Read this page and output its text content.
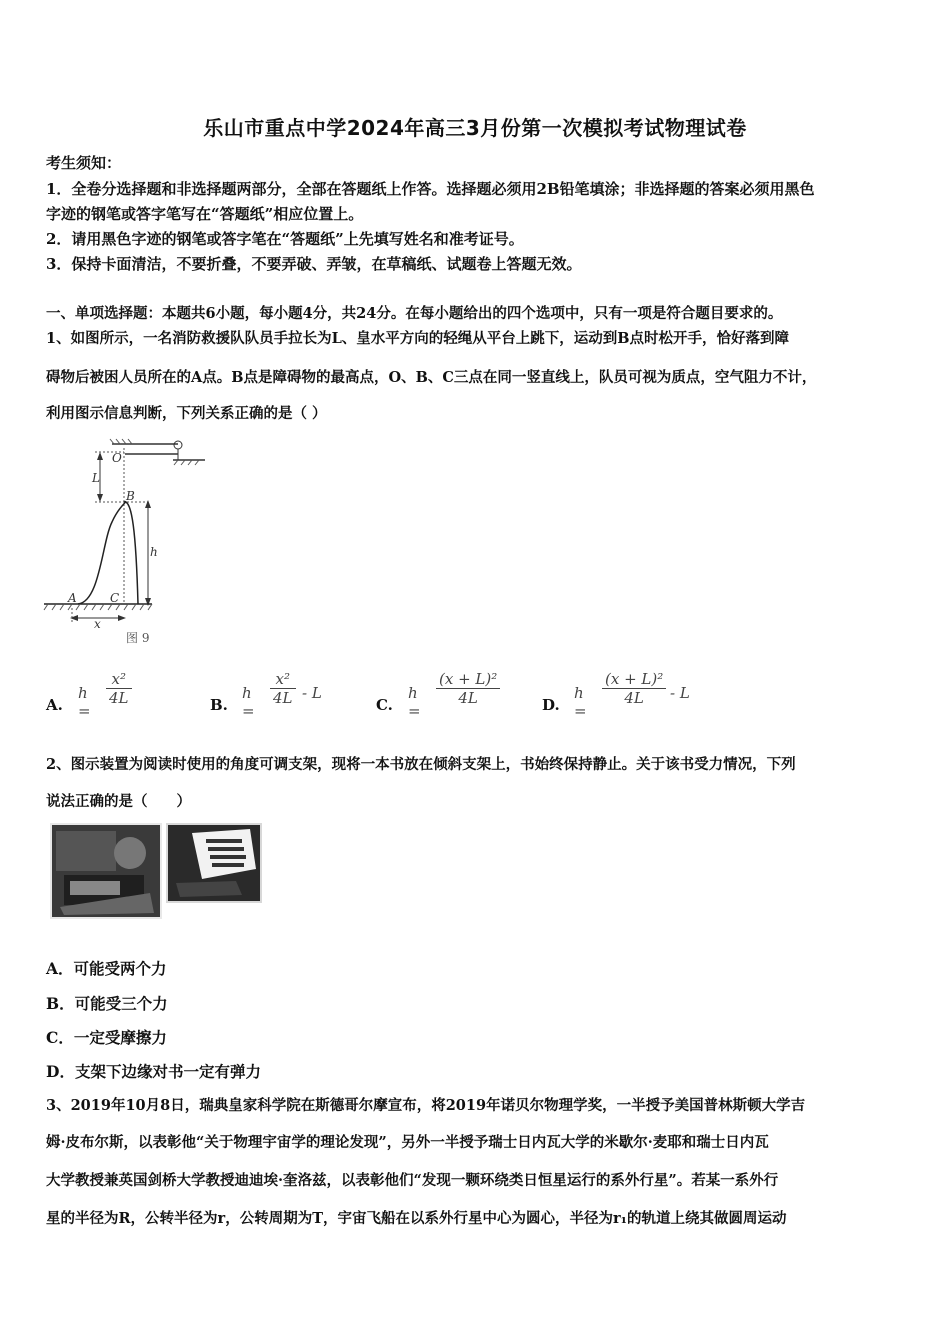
乐山市重点中学2024年高三3月份第一次模拟考试物理试卷
考生须知：
1．全卷分选择题和非选择题两部分，全部在答题纸上作答。选择题必须用2B铅笔填涂；非选择题的答案必须用黑色
字迹的钢笔或答字笔写在“答题纸”相应位置上。
2．请用黑色字迹的钢笔或答字笔在“答题纸”上先填写姓名和准考证号。
3．保持卡面清洁，不要折叠，不要弄破、弄皱，在草稿纸、试题卷上答题无效。
一、单项选择题：本题共6小题，每小题4分，共24分。在每小题给出的四个选项中，只有一项是符合题目要求的。
1、如图所示，一名消防救援队队员手拉长为L、皇水平方向的轻绳从平台上跳下，运动到B点时松开手，恰好落到障
碍物后被困人员所在的A点。B点是障碍物的最高点，O、B、C三点在同一竖直线上，队员可视为质点，空气阻力不计，
利用图示信息判断，下列关系正确的是（ ）
O
L
B
h
A	C
x
图 9
A.
h =
$\frac{\text{x²}}{4L}$	B.
h =
$\frac{\text{x²}}{4L}$ - L
C.
h =
$\frac{\text{(x + L)²}}{4L}$	D.
h =
$\frac{\text{(x + L)²}}{4L}$ - L
2、图示装置为阅读时使用的角度可调支架，现将一本书放在倾斜支架上，书始终保持静止。关于该书受力情况，下列
说法正确的是（　　）
A．可能受两个力
B．可能受三个力
C．一定受摩擦力
D．支架下边缘对书一定有弹力
3、2019年10月8日，瑞典皇家科学院在斯德哥尔摩宣布，将2019年诺贝尔物理学奖，一半授予美国普林斯顿大学吉
姆·皮布尔斯，以表彰他“关于物理宇宙学的理论发现”，另外一半授予瑞士日内瓦大学的米歇尔·麦耶和瑞士日内瓦
大学教授兼英国剑桥大学教授迪迪埃·奎洛兹，以表彰他们“发现一颗环绕类日恒星运行的系外行星”。若某一系外行
星的半径为R，公转半径为r，公转周期为T，宇宙飞船在以系外行星中心为圆心，半径为r₁的轨道上绕其做圆周运动
